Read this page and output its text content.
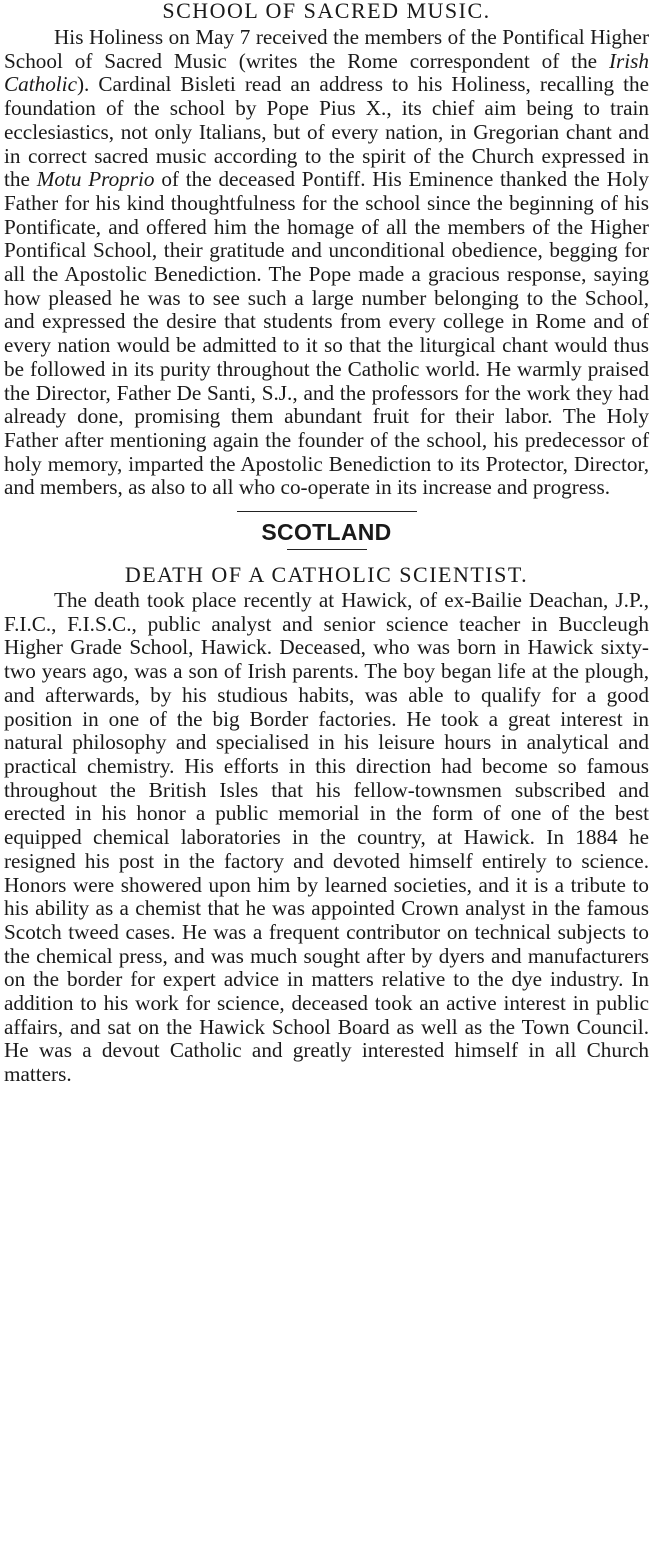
SCHOOL OF SACRED MUSIC.

His Holiness on May 7 received the members of the Pontifical Higher School of Sacred Music (writes the Rome correspondent of the Irish Catholic). Cardinal Bisleti read an address to his Holiness, recalling the foundation of the school by Pope Pius X., its chief aim being to train ecclesiastics, not only Italians, but of every nation, in Gregorian chant and in correct sacred music according to the spirit of the Church expressed in the Motu Proprio of the deceased Pontiff. His Eminence thanked the Holy Father for his kind thoughtfulness for the school since the beginning of his Pontificate, and offered him the homage of all the members of the Higher Pontifical School, their gratitude and unconditional obedience, begging for all the Apostolic Benediction. The Pope made a gracious response, saying how pleased he was to see such a large number belonging to the School, and expressed the desire that students from every college in Rome and of every nation would be admitted to it so that the liturgical chant would thus be followed in its purity throughout the Catholic world. He warmly praised the Director, Father De Santi, S.J., and the professors for the work they had already done, promising them abundant fruit for their labor. The Holy Father after mentioning again the founder of the school, his predecessor of holy memory, imparted the Apostolic Benediction to its Protector, Director, and members, as also to all who co-operate in its increase and progress.

SCOTLAND
DEATH OF A CATHOLIC SCIENTIST.

The death took place recently at Hawick, of ex-Bailie Deachan, J.P., F.I.C., F.I.S.C., public analyst and senior science teacher in Buccleugh Higher Grade School, Hawick. Deceased, who was born in Hawick sixty-two years ago, was a son of Irish parents. The boy began life at the plough, and afterwards, by his studious habits, was able to qualify for a good position in one of the big Border factories. He took a great interest in natural philosophy and specialised in his leisure hours in analytical and practical chemistry. His efforts in this direction had become so famous throughout the British Isles that his fellow-townsmen subscribed and erected in his honor a public memorial in the form of one of the best equipped chemical laboratories in the country, at Hawick. In 1884 he resigned his post in the factory and devoted himself entirely to science. Honors were showered upon him by learned societies, and it is a tribute to his ability as a chemist that he was appointed Crown analyst in the famous Scotch tweed cases. He was a frequent contributor on technical subjects to the chemical press, and was much sought after by dyers and manufacturers on the border for expert advice in matters relative to the dye industry. In addition to his work for science, deceased took an active interest in public affairs, and sat on the Hawick School Board as well as the Town Council. He was a devout Catholic and greatly interested himself in all Church matters.
